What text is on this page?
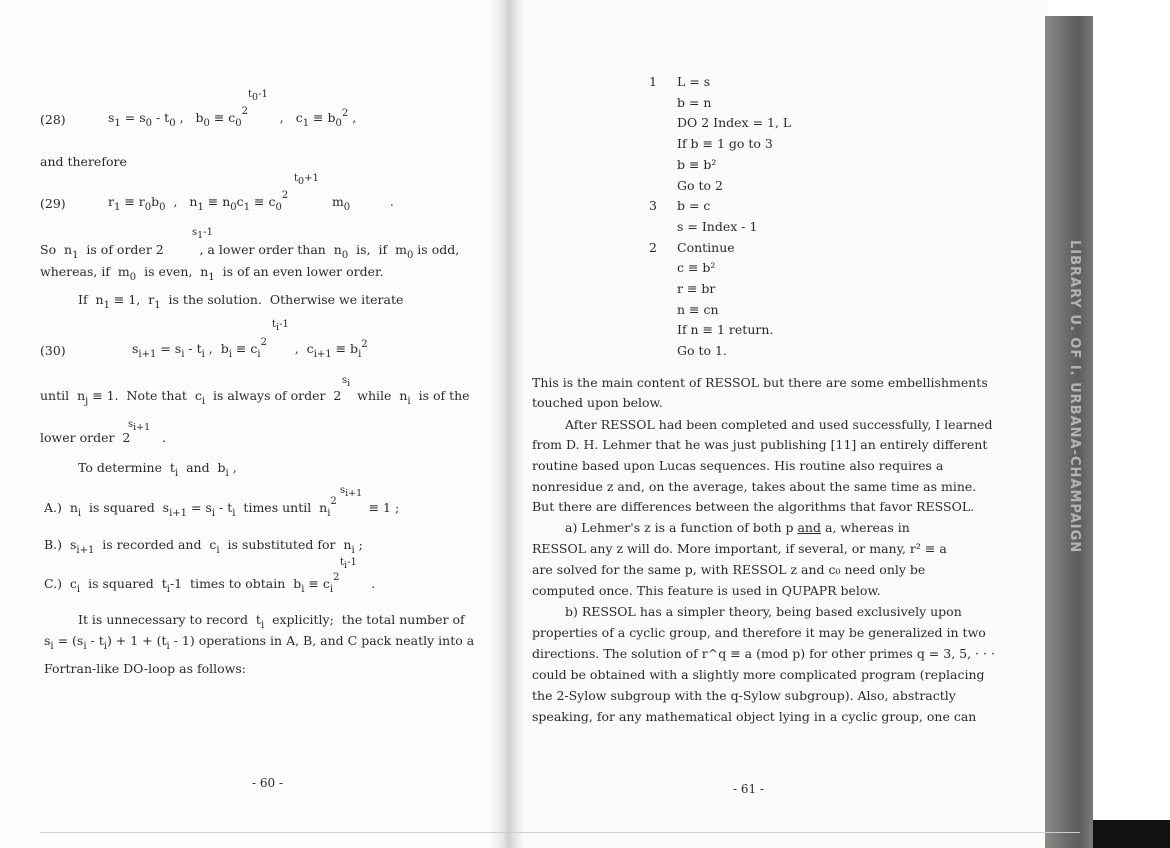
LIBRARY U. OF I. URBANA-CHAMPAIGN
(28)
t0-1
$s_1 = s_0 - t_0$ ,   $b_0 \equiv c_0^2$        ,   $c_1 \equiv b_0^2$ ,
and therefore
(29)
t0+1
$r_1 \equiv r_0b_0$  ,   $n_1 \equiv n_0c_1 \equiv c_0^2$           $m_0$          .
s1-1
So  $n_1$  is of order 2         , a lower order than  $n_0$  is,  if  $m_0$ is odd,
whereas, if  $m_0$  is even,  $n_1$  is of an even lower order.
If  $n_1 \equiv 1$,  $r_1$  is the solution.  Otherwise we iterate
(30)
ti-1
$s_{i+1} = s_i - t_i$ ,  $b_i \equiv c_i^2$       ,  $c_{i+1} \equiv b_i^2$
si
until  $n_j \equiv 1$.  Note that  $c_i$  is always of order  2    while  $n_i$  is of the
si+1
lower order  2        .
To determine  $t_i$  and  $b_i$ ,
si+1
A.)  $n_i$  is squared  $s_{i+1} = s_i - t_i$  times until  $n_i^2$        ≡ 1 ;
B.)  $s_{i+1}$  is recorded and  $c_i$  is substituted for  $n_i$ ;
ti-1
C.)  $c_i$  is squared  $t_i-1$  times to obtain  $b_i \equiv c_i^2$        .
It is unnecessary to record  $t_i$  explicitly;  the total number of
$s_i = (s_i - t_i) + 1 + (t_i - 1)$ operations in A, B, and C pack neatly into a
Fortran-like DO-loop as follows:
- 60 -
1 L = s
b = n
DO 2 Index = 1, L
If b ≡ 1 go to 3
b ≡ b²
Go to 2
3 b = c
s = Index - 1
2 Continue
c ≡ b²
r ≡ br
n ≡ cn
If n ≡ 1 return.
Go to 1.
This is the main content of RESSOL but there are some embellishments
touched upon below.
After RESSOL had been completed and used successfully, I learned
from D. H. Lehmer that he was just publishing [11] an entirely different
routine based upon Lucas sequences. His routine also requires a
nonresidue z and, on the average, takes about the same time as mine.
But there are differences between the algorithms that favor RESSOL.
a) Lehmer's z is a function of both p and a, whereas in
RESSOL any z will do. More important, if several, or many, r² ≡ a
are solved for the same p, with RESSOL z and c₀ need only be
computed once. This feature is used in QUPAPR below.
b) RESSOL has a simpler theory, being based exclusively upon
properties of a cyclic group, and therefore it may be generalized in two
directions. The solution of r^q ≡ a (mod p) for other primes q = 3, 5, · · ·
could be obtained with a slightly more complicated program (replacing
the 2-Sylow subgroup with the q-Sylow subgroup). Also, abstractly
speaking, for any mathematical object lying in a cyclic group, one can
- 61 -
